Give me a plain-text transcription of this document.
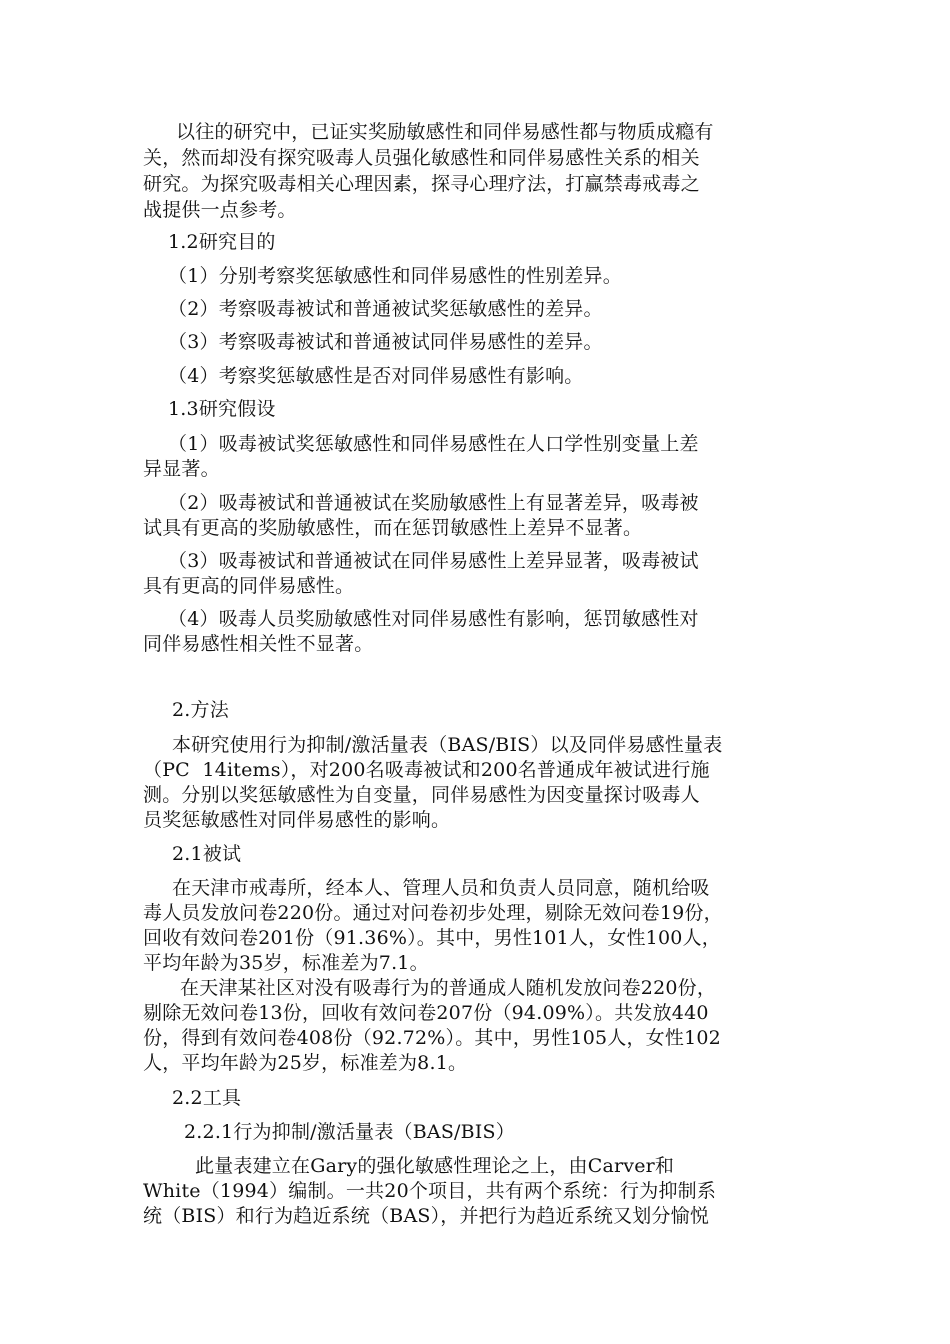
以往的研究中，已证实奖励敏感性和同伴易感性都与物质成瘾有
关，然而却没有探究吸毒人员强化敏感性和同伴易感性关系的相关
研究。为探究吸毒相关心理因素，探寻心理疗法，打赢禁毒戒毒之
战提供一点参考。
1.2研究目的
（1）分别考察奖惩敏感性和同伴易感性的性别差异。
（2）考察吸毒被试和普通被试奖惩敏感性的差异。
（3）考察吸毒被试和普通被试同伴易感性的差异。
（4）考察奖惩敏感性是否对同伴易感性有影响。
1.3研究假设
（1）吸毒被试奖惩敏感性和同伴易感性在人口学性别变量上差
异显著。
（2）吸毒被试和普通被试在奖励敏感性上有显著差异，吸毒被
试具有更高的奖励敏感性，而在惩罚敏感性上差异不显著。
（3）吸毒被试和普通被试在同伴易感性上差异显著，吸毒被试
具有更高的同伴易感性。
（4）吸毒人员奖励敏感性对同伴易感性有影响，惩罚敏感性对
同伴易感性相关性不显著。
2.方法
本研究使用行为抑制/激活量表（BAS/BIS）以及同伴易感性量表
（PC  14items），对200名吸毒被试和200名普通成年被试进行施
测。分别以奖惩敏感性为自变量，同伴易感性为因变量探讨吸毒人
员奖惩敏感性对同伴易感性的影响。
2.1被试
在天津市戒毒所，经本人、管理人员和负责人员同意，随机给吸
毒人员发放问卷220份。通过对问卷初步处理，剔除无效问卷19份，
回收有效问卷201份（91.36%）。其中，男性101人，女性100人，
平均年龄为35岁，标准差为7.1。
在天津某社区对没有吸毒行为的普通成人随机发放问卷220份，
剔除无效问卷13份，回收有效问卷207份（94.09%）。共发放440
份，得到有效问卷408份（92.72%）。其中，男性105人，女性102
人，平均年龄为25岁，标准差为8.1。
2.2工具
2.2.1行为抑制/激活量表（BAS/BIS）
此量表建立在Gary的强化敏感性理论之上，由Carver和
White（1994）编制。一共20个项目，共有两个系统：行为抑制系
统（BIS）和行为趋近系统（BAS），并把行为趋近系统又划分愉悦
